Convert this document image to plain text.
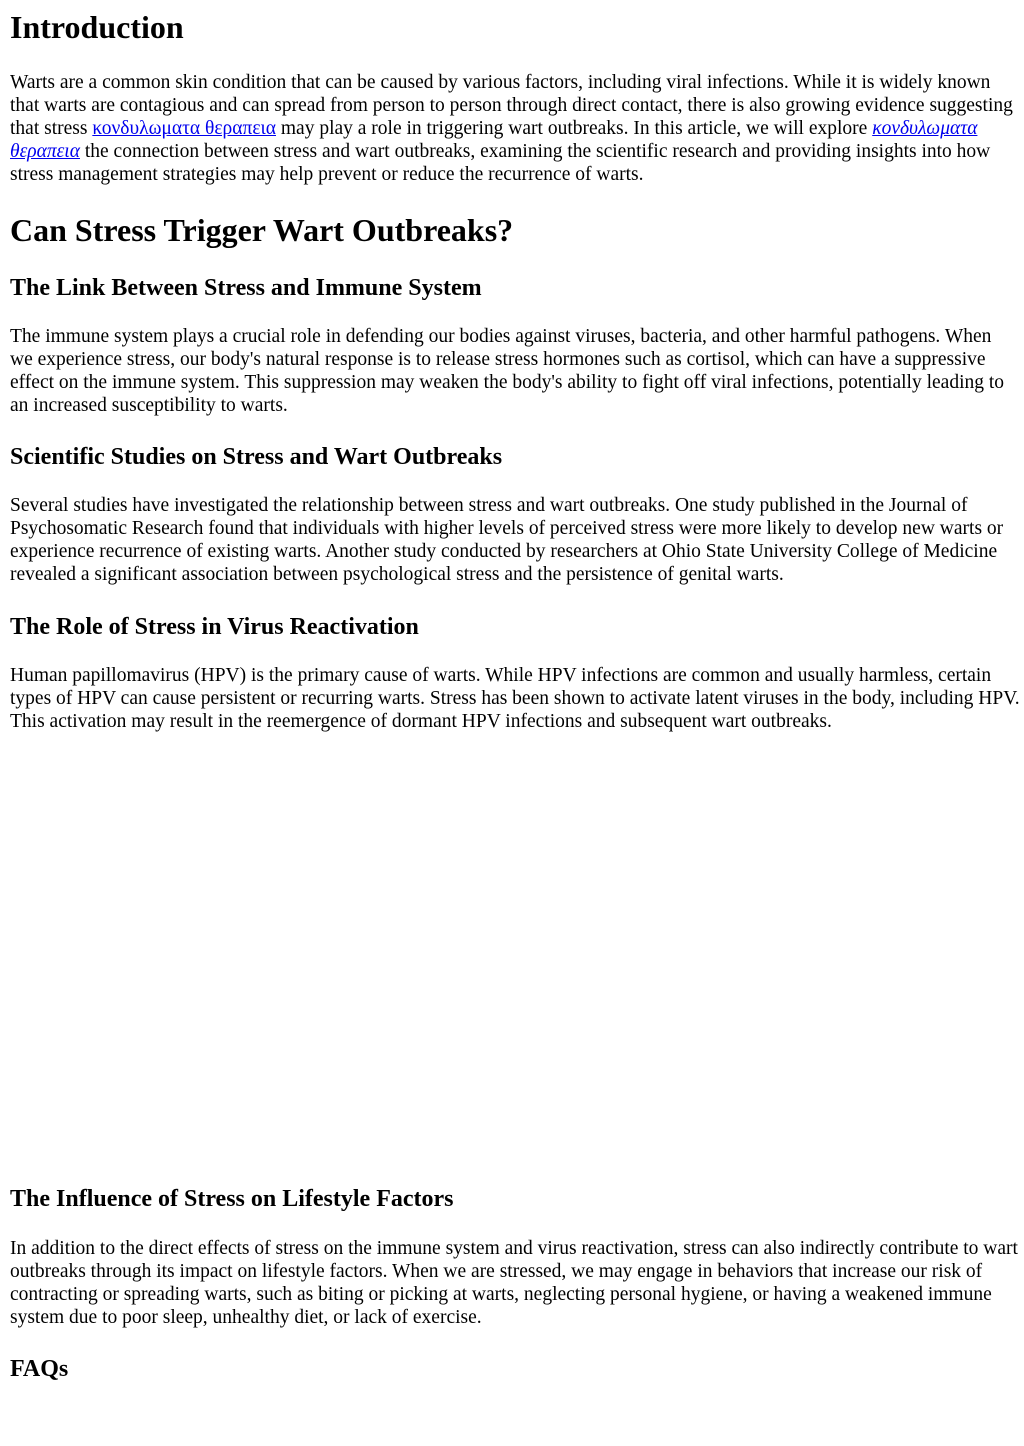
Introduction

Warts are a common skin condition that can be caused by various factors, including viral infections. While it is widely known that warts are contagious and can spread from person to person through direct contact, there is also growing evidence suggesting that stress κονδυλωματα θεραπεια may play a role in triggering wart outbreaks. In this article, we will explore κονδυλωματα θεραπεια the connection between stress and wart outbreaks, examining the scientific research and providing insights into how stress management strategies may help prevent or reduce the recurrence of warts.

Can Stress Trigger Wart Outbreaks?
The Link Between Stress and Immune System

The immune system plays a crucial role in defending our bodies against viruses, bacteria, and other harmful pathogens. When we experience stress, our body's natural response is to release stress hormones such as cortisol, which can have a suppressive effect on the immune system. This suppression may weaken the body's ability to fight off viral infections, potentially leading to an increased susceptibility to warts.

Scientific Studies on Stress and Wart Outbreaks

Several studies have investigated the relationship between stress and wart outbreaks. One study published in the Journal of Psychosomatic Research found that individuals with higher levels of perceived stress were more likely to develop new warts or experience recurrence of existing warts. Another study conducted by researchers at Ohio State University College of Medicine revealed a significant association between psychological stress and the persistence of genital warts.

The Role of Stress in Virus Reactivation

Human papillomavirus (HPV) is the primary cause of warts. While HPV infections are common and usually harmless, certain types of HPV can cause persistent or recurring warts. Stress has been shown to activate latent viruses in the body, including HPV. This activation may result in the reemergence of dormant HPV infections and subsequent wart outbreaks.

The Influence of Stress on Lifestyle Factors

In addition to the direct effects of stress on the immune system and virus reactivation, stress can also indirectly contribute to wart outbreaks through its impact on lifestyle factors. When we are stressed, we may engage in behaviors that increase our risk of contracting or spreading warts, such as biting or picking at warts, neglecting personal hygiene, or having a weakened immune system due to poor sleep, unhealthy diet, or lack of exercise.

FAQs
